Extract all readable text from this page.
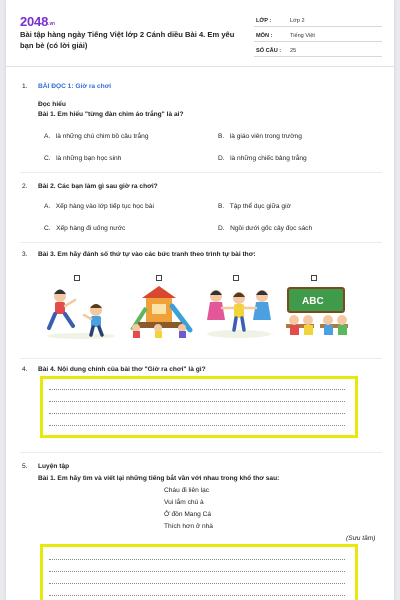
2048.vn
Bài tập hàng ngày Tiếng Việt lớp 2 Cánh diều Bài 4. Em yêu bạn bè (có lời giải)
LỚP :	Lớp 2
MÔN :	Tiếng Việt
SỐ CÂU : 25
1. BÀI ĐỌC 1: Giờ ra chơi
Đọc hiểu
Bài 1. Em hiểu "từng đàn chim áo trắng" là ai?
A. là những chú chim bồ câu trắng	B. là giáo viên trong trường
C. là những bạn học sinh	D. là những chiếc bảng trắng
2. Bài 2. Các bạn làm gì sau giờ ra chơi?
A. Xếp hàng vào lớp tiếp tục học bài	B. Tập thể dục giữa giờ
C. Xếp hàng đi uống nước	D. Ngồi dưới gốc cây đọc sách
3. Bài 3. Em hãy đánh số thứ tự vào các bức tranh theo trình tự bài thơ:
ABC
4. Bài 4. Nội dung chính của bài thơ "Giờ ra chơi" là gì?
5. Luyện tập
Bài 1. Em hãy tìm và viết lại những tiếng bắt vần với nhau trong khổ thơ sau:
Cháu đi liên lạc
Vui lắm chú à
Ở đồn Mang Cá
Thích hơn ở nhà
(Sưu tầm)
